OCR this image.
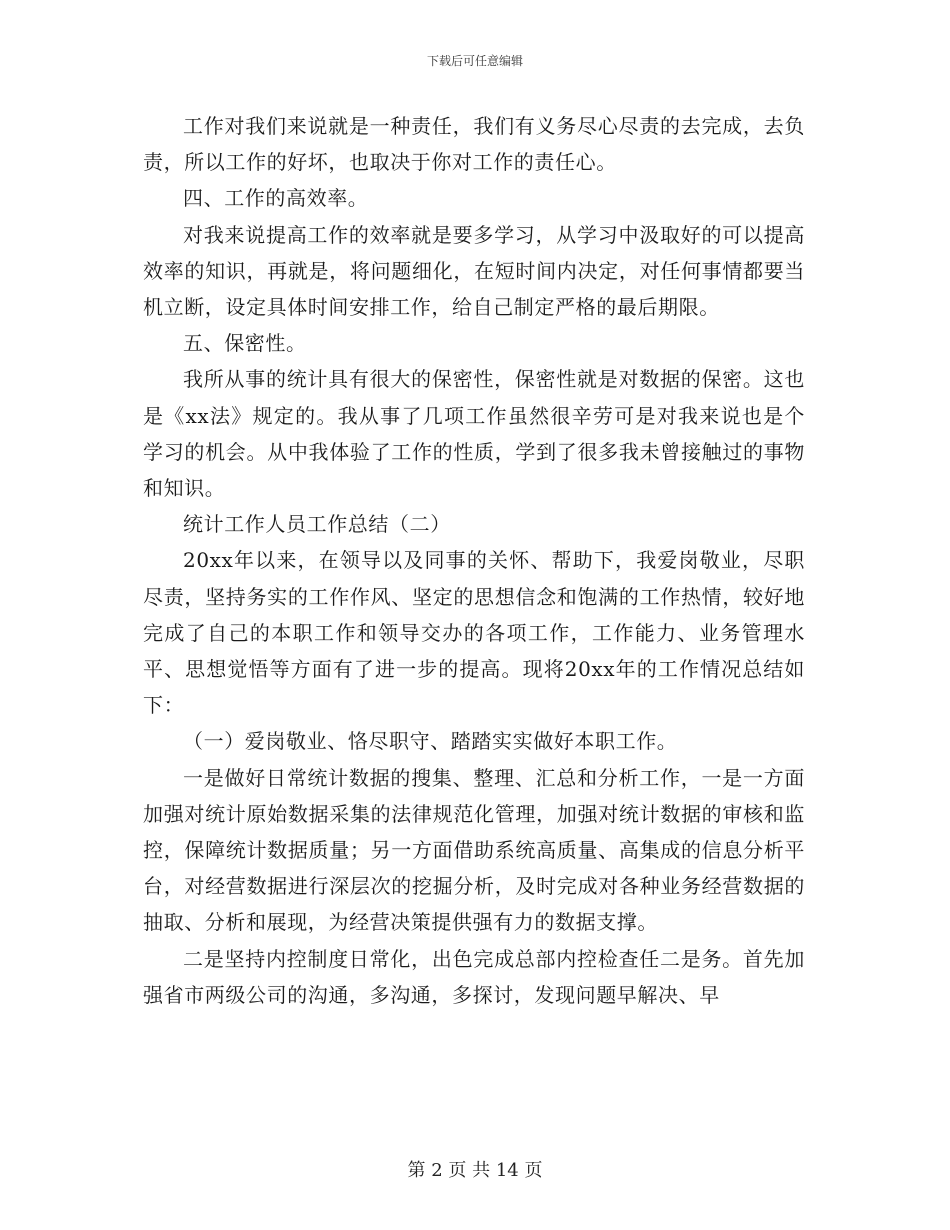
下载后可任意编辑

工作对我们来说就是一种责任，我们有义务尽心尽责的去完成，去负责，所以工作的好坏，也取决于你对工作的责任心。

四、工作的高效率。

对我来说提高工作的效率就是要多学习，从学习中汲取好的可以提高效率的知识，再就是，将问题细化，在短时间内决定，对任何事情都要当机立断，设定具体时间安排工作，给自己制定严格的最后期限。

五、保密性。

我所从事的统计具有很大的保密性，保密性就是对数据的保密。这也是《xx法》规定的。我从事了几项工作虽然很辛劳可是对我来说也是个学习的机会。从中我体验了工作的性质，学到了很多我未曾接触过的事物和知识。

统计工作人员工作总结（二）

20xx年以来，在领导以及同事的关怀、帮助下，我爱岗敬业，尽职尽责，坚持务实的工作作风、坚定的思想信念和饱满的工作热情，较好地完成了自己的本职工作和领导交办的各项工作，工作能力、业务管理水平、思想觉悟等方面有了进一步的提高。现将20xx年的工作情况总结如下：

（一）爱岗敬业、恪尽职守、踏踏实实做好本职工作。

一是做好日常统计数据的搜集、整理、汇总和分析工作，一是一方面加强对统计原始数据采集的法律规范化管理，加强对统计数据的审核和监控，保障统计数据质量；另一方面借助系统高质量、高集成的信息分析平台，对经营数据进行深层次的挖掘分析，及时完成对各种业务经营数据的抽取、分析和展现，为经营决策提供强有力的数据支撑。

二是坚持内控制度日常化，出色完成总部内控检查任二是务。首先加强省市两级公司的沟通，多沟通，多探讨，发现问题早解决、早

第 2 页 共 14 页
